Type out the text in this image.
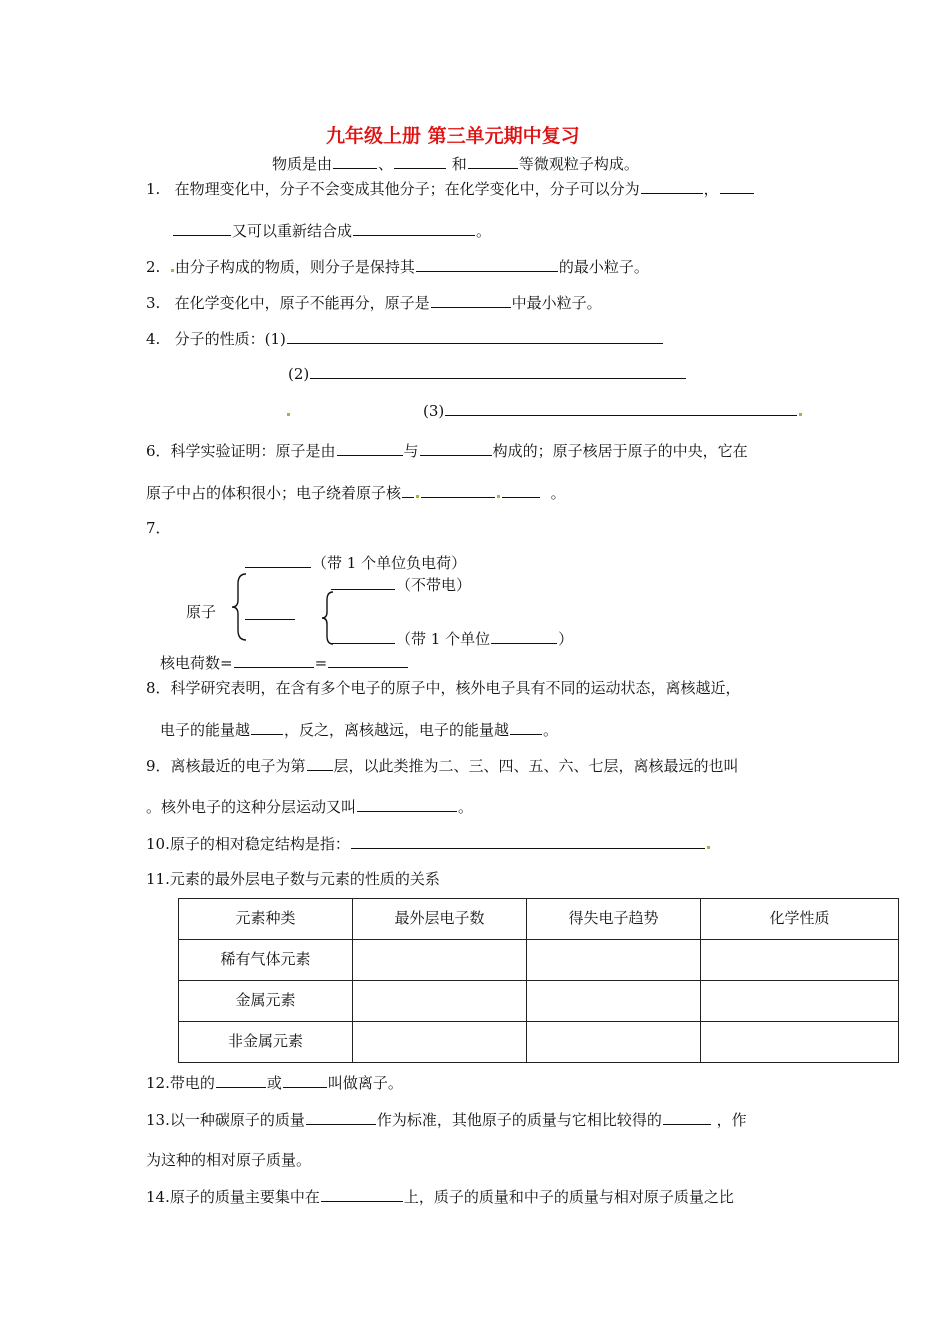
九年级上册 第三单元期中复习
物质是由	、	和	等微观粒子构成。
1. 在物理变化中，分子不会变成其他分子；在化学变化中，分子可以分为	，
又可以重新结合成	。
2. 由分子构成的物质，则分子是保持其	的最小粒子。
3. 在化学变化中，原子不能再分，原子是	中最小粒子。
4. 分子的性质：(1)
(2)
(3)
6．科学实验证明：原子是由	与	构成的；原子核居于原子的中央，它在
原子中占的体积很小；电子绕着原子核	。
7．
（带 1 个单位负电荷）
（不带电）
原子
（带 1 个单位	）
核电荷数=	=
8．科学研究表明，在含有多个电子的原子中，核外电子具有不同的运动状态，离核越近，
电子的能量越 ，反之，离核越远，电子的能量越 。
9．离核最近的电子为第 层，以此类推为二、三、四、五、六、七层，离核最远的也叫
。核外电子的这种分层运动又叫	。
10.原子的相对稳定结构是指：
11.元素的最外层电子数与元素的性质的关系
元素种类	最外层电子数	得失电子趋势	化学性质
稀有气体元素			
金属元素			
非金属元素			
12.带电的	或	叫做离子。
13.以一种碳原子的质量	作为标准，其他原子的质量与它相比较得的	，作
为这种的相对原子质量。
14.原子的质量主要集中在	上，质子的质量和中子的质量与相对原子质量之比
